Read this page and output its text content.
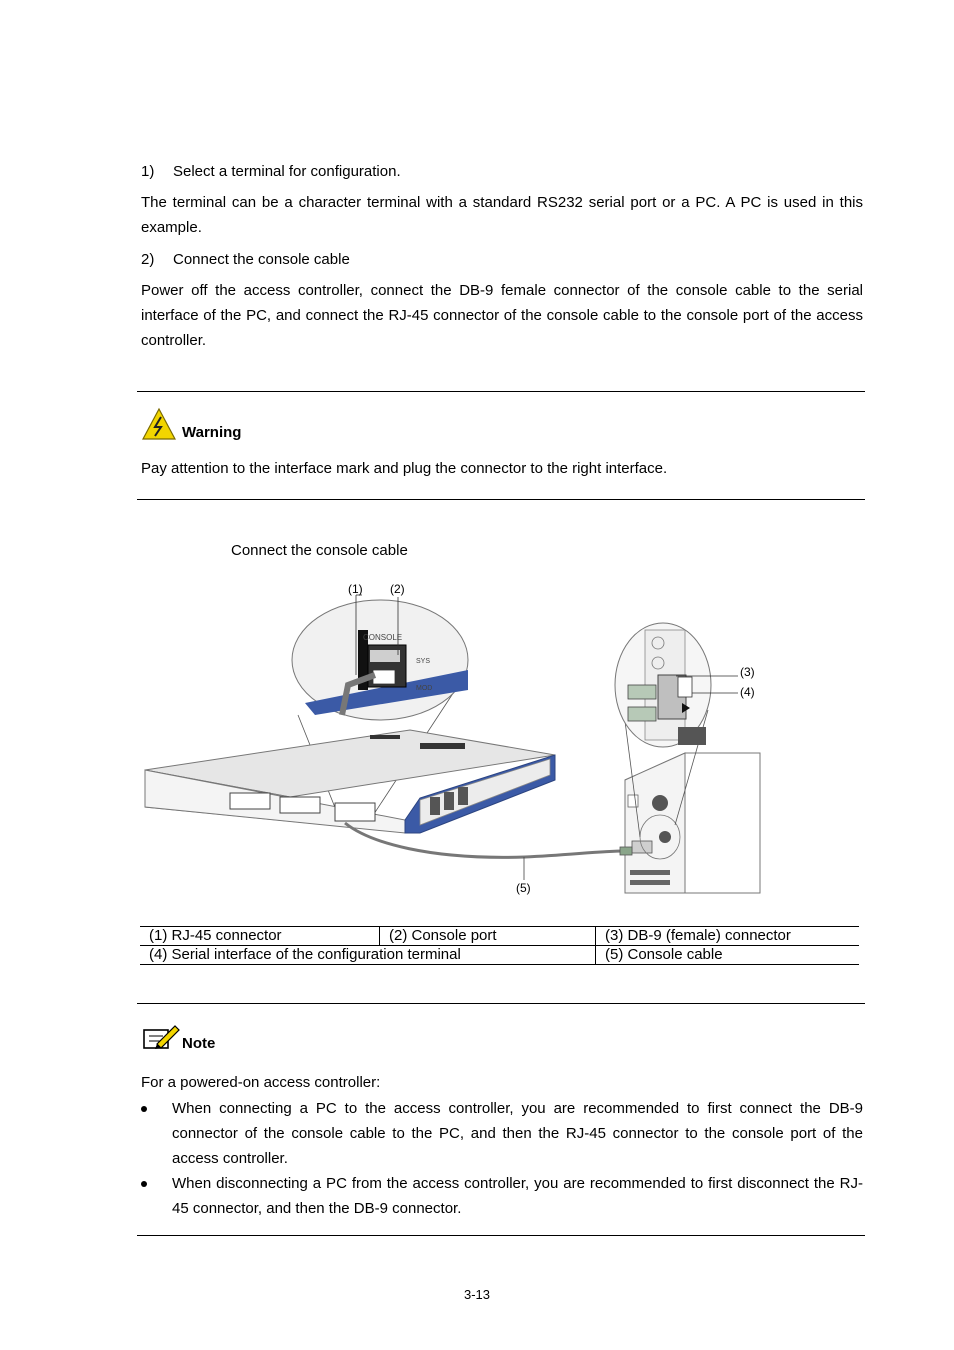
1) Select a terminal for configuration.

The terminal can be a character terminal with a standard RS232 serial port or a PC. A PC is used in this example.

2) Connect the console cable

Power off the access controller, connect the DB-9 female connector of the console cable to the serial interface of the PC, and connect the RJ-45 connector of the console cable to the console port of the access controller.

Warning
Pay attention to the interface mark and plug the connector to the right interface.
Connect the console cable
CONSOLE
SYS
MOD
(1) (2)
(3)
(4)
(5)
(1) RJ-45 connector	(2) Console port	(3) DB-9 (female) connector
(4) Serial interface of the configuration terminal		(5) Console cable
Note
For a powered-on access controller:
When connecting a PC to the access controller, you are recommended to first connect the DB-9 connector of the console cable to the PC, and then the RJ-45 connector to the console port of the access controller.
When disconnecting a PC from the access controller, you are recommended to first disconnect the RJ-45 connector, and then the DB-9 connector.
3-13
